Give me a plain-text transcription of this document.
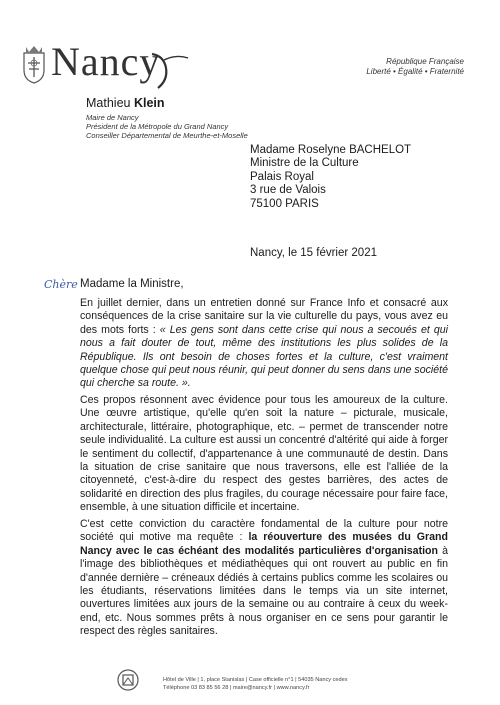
Nancy	République Française
Liberté • Égalité • Fraternité
Mathieu Klein
Maire de Nancy
Président de la Métropole du Grand Nancy
Conseiller Départemental de Meurthe-et-Moselle
Madame Roselyne BACHELOT
Ministre de la Culture
Palais Royal
3 rue de Valois
75100 PARIS
Nancy, le 15 février 2021
Chère Madame la Ministre,
En juillet dernier, dans un entretien donné sur France Info et consacré aux conséquences de la crise sanitaire sur la vie culturelle du pays, vous avez eu des mots forts : « Les gens sont dans cette crise qui nous a secoués et qui nous a fait douter de tout, même des institutions les plus solides de la République. Ils ont besoin de choses fortes et la culture, c'est vraiment quelque chose qui peut nous réunir, qui peut donner du sens dans une société qui cherche sa route. ».
Ces propos résonnent avec évidence pour tous les amoureux de la culture. Une œuvre artistique, qu'elle qu'en soit la nature – picturale, musicale, architecturale, littéraire, photographique, etc. – permet de transcender notre seule individualité. La culture est aussi un concentré d'altérité qui aide à forger le sentiment du collectif, d'appartenance à une communauté de destin. Dans la situation de crise sanitaire que nous traversons, elle est l'alliée de la citoyenneté, c'est-à-dire du respect des gestes barrières, des actes de solidarité en direction des plus fragiles, du courage nécessaire pour faire face, ensemble, à une situation difficile et incertaine.
C'est cette conviction du caractère fondamental de la culture pour notre société qui motive ma requête : la réouverture des musées du Grand Nancy avec le cas échéant des modalités particulières d'organisation à l'image des bibliothèques et médiathèques qui ont rouvert au public en fin d'année dernière – créneaux dédiés à certains publics comme les scolaires ou les étudiants, réservations limitées dans le temps via un site internet, ouvertures limitées aux jours de la semaine ou au contraire à ceux du week-end, etc. Nous sommes prêts à nous organiser en ce sens pour garantir le respect des règles sanitaires.
Hôtel de Ville | 1, place Stanislas | Case officielle n°1 | 54035 Nancy cedex
Téléphone 03 83 85 56 28 | maire@nancy.fr | www.nancy.fr
